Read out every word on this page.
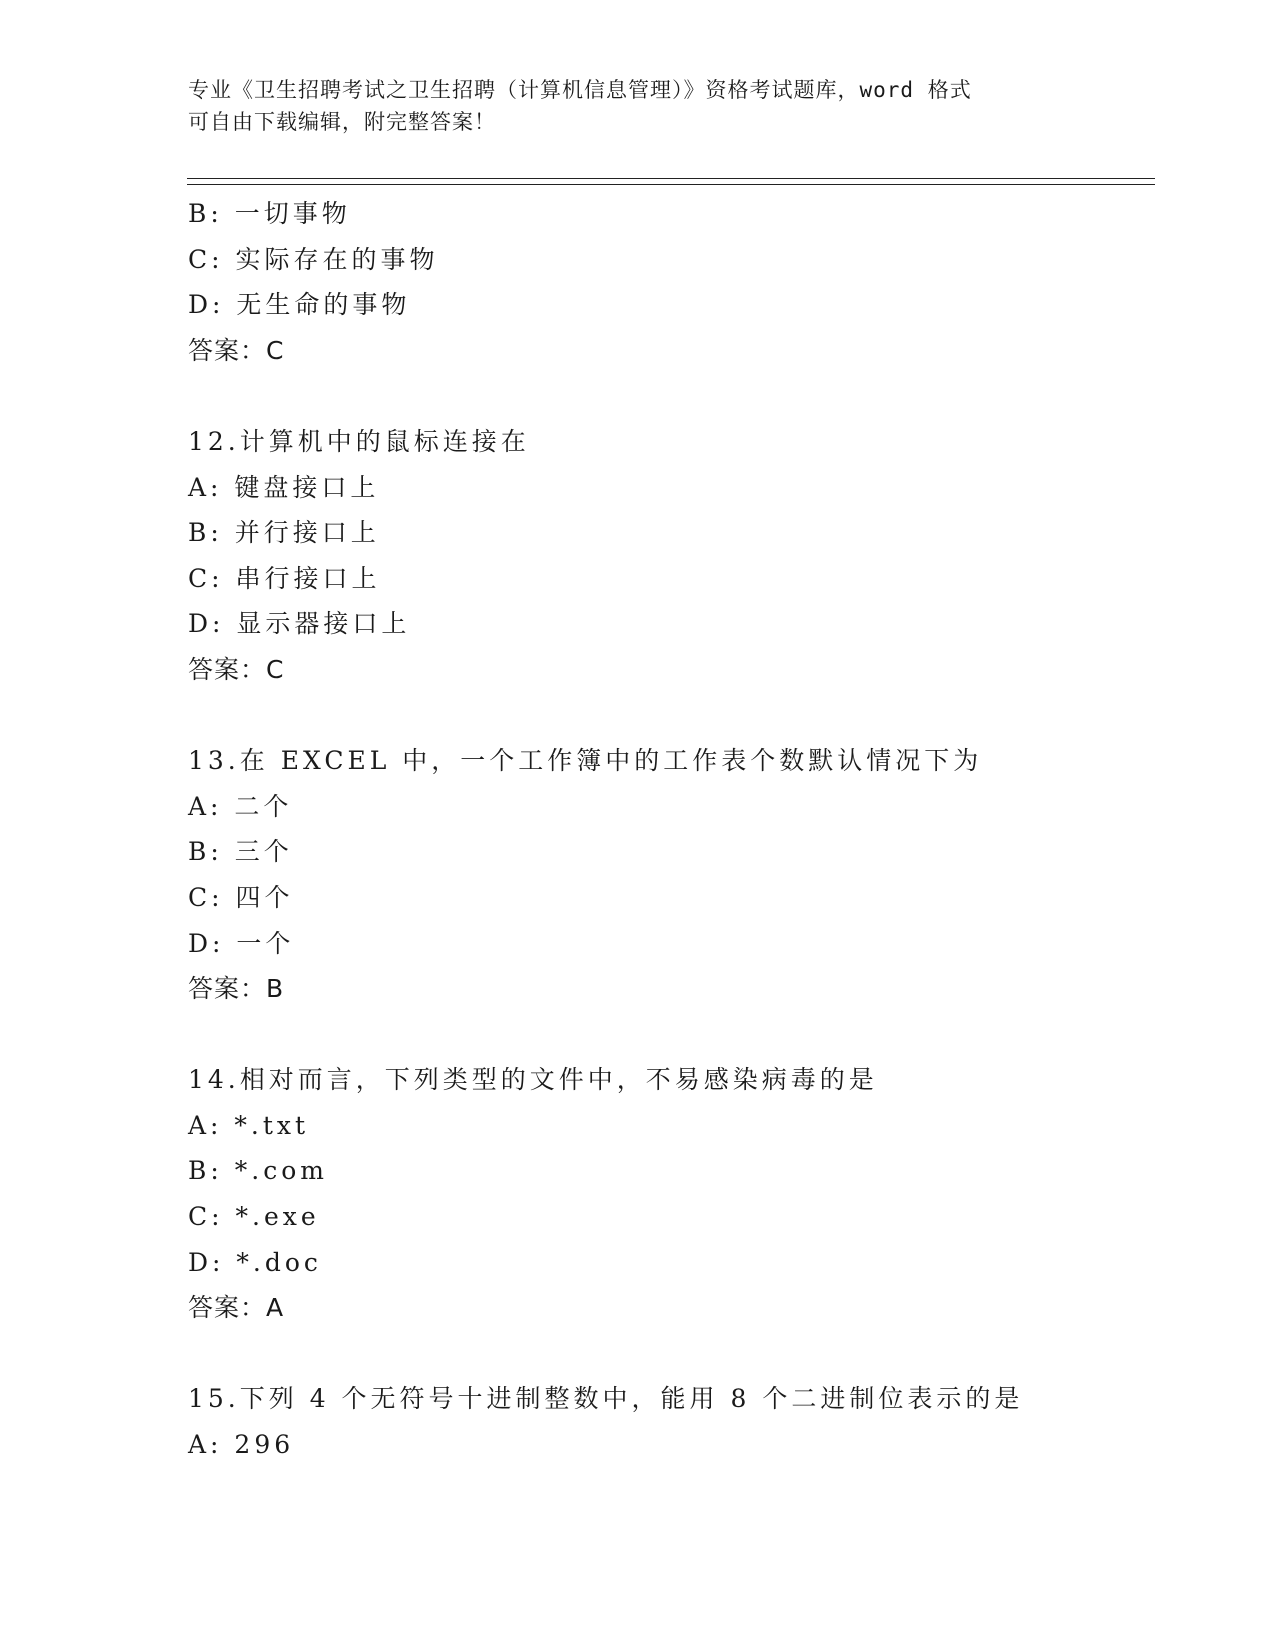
专业《卫生招聘考试之卫生招聘（计算机信息管理）》资格考试题库，word 格式
可自由下载编辑，附完整答案！
B: 一切事物
C: 实际存在的事物
D: 无生命的事物
答案：C
12.计算机中的鼠标连接在
A: 键盘接口上
B: 并行接口上
C: 串行接口上
D: 显示器接口上
答案：C
13.在 EXCEL 中，一个工作簿中的工作表个数默认情况下为
A: 二个
B: 三个
C: 四个
D: 一个
答案：B
14.相对而言，下列类型的文件中，不易感染病毒的是
A: *.txt
B: *.com
C: *.exe
D: *.doc
答案：A
15.下列 4 个无符号十进制整数中，能用 8 个二进制位表示的是
A: 296
